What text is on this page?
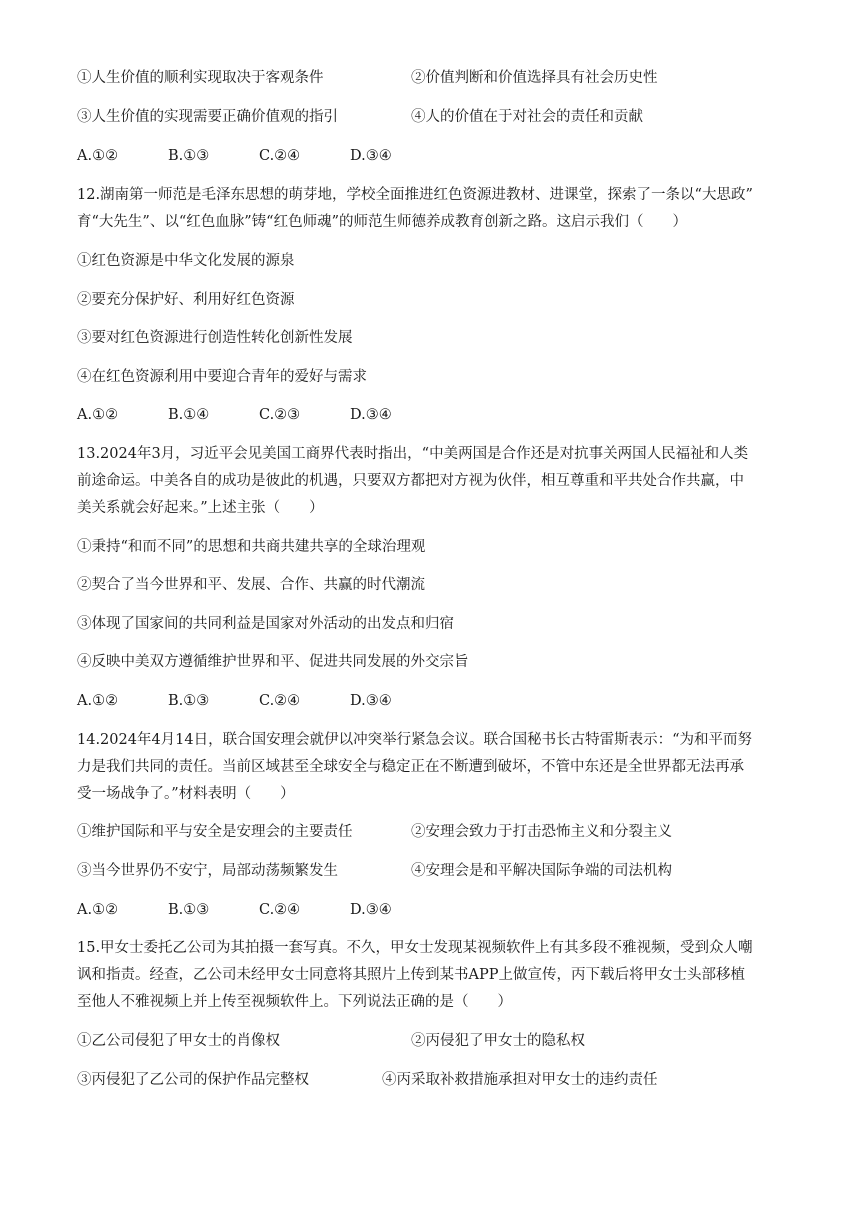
①人生价值的顺利实现取决于客观条件	②价值判断和价值选择具有社会历史性
③人生价值的实现需要正确价值观的指引	④人的价值在于对社会的责任和贡献
A.①②	B.①③	C.②④	D.③④
12.湖南第一师范是毛泽东思想的萌芽地，学校全面推进红色资源进教材、进课堂，探索了一条以“大思政”
育“大先生”、以“红色血脉”铸“红色师魂”的师范生师德养成教育创新之路。这启示我们（　　）
①红色资源是中华文化发展的源泉
②要充分保护好、利用好红色资源
③要对红色资源进行创造性转化创新性发展
④在红色资源利用中要迎合青年的爱好与需求
A.①②	B.①④	C.②③	D.③④
13.2024年3月，习近平会见美国工商界代表时指出，“中美两国是合作还是对抗事关两国人民福祉和人类
前途命运。中美各自的成功是彼此的机遇，只要双方都把对方视为伙伴，相互尊重和平共处合作共赢，中
美关系就会好起来。”上述主张（　　）
①秉持“和而不同”的思想和共商共建共享的全球治理观
②契合了当今世界和平、发展、合作、共赢的时代潮流
③体现了国家间的共同利益是国家对外活动的出发点和归宿
④反映中美双方遵循维护世界和平、促进共同发展的外交宗旨
A.①②	B.①③	C.②④	D.③④
14.2024年4月14日，联合国安理会就伊以冲突举行紧急会议。联合国秘书长古特雷斯表示：“为和平而努
力是我们共同的责任。当前区域甚至全球安全与稳定正在不断遭到破坏，不管中东还是全世界都无法再承
受一场战争了。”材料表明（　　）
①维护国际和平与安全是安理会的主要责任	②安理会致力于打击恐怖主义和分裂主义
③当今世界仍不安宁，局部动荡频繁发生	④安理会是和平解决国际争端的司法机构
A.①②	B.①③	C.②④	D.③④
15.甲女士委托乙公司为其拍摄一套写真。不久，甲女士发现某视频软件上有其多段不雅视频，受到众人嘲
讽和指责。经查，乙公司未经甲女士同意将其照片上传到某书APP上做宣传，丙下载后将甲女士头部移植
至他人不雅视频上并上传至视频软件上。下列说法正确的是（　　）
①乙公司侵犯了甲女士的肖像权	②丙侵犯了甲女士的隐私权
③丙侵犯了乙公司的保护作品完整权	④丙采取补救措施承担对甲女士的违约责任
